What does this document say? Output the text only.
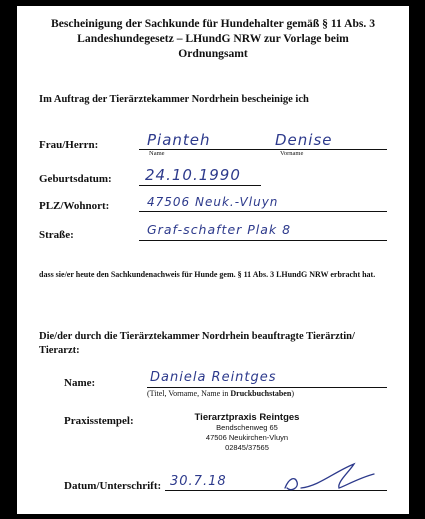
Bescheinigung der Sachkunde für Hundehalter gemäß § 11 Abs. 3
Landeshundegesetz – LHundG NRW zur Vorlage beim
Ordnungsamt
Im Auftrag der Tierärztekammer Nordrhein bescheinige ich
Frau/Herrn:	Pianteh	Denise
Name	Vorname
Geburtsdatum: 24.10.1990
PLZ/Wohnort:	47506 Neuk.-Vluyn
Straße:	Graf-schafter Plak 8
dass sie/er heute den Sachkundenachweis für Hunde gem. § 11 Abs. 3 LHundG NRW erbracht hat.
Die/der durch die Tierärztekammer Nordrhein beauftragte Tierärztin/ Tierarzt:
Name:	Daniela Reintges
(Titel, Vorname, Name in Druckbuchstaben)
Praxisstempel:	Tierarztpraxis Reintges
Bendschenweg 65
47506 Neukirchen-Vluyn
02845/37565
Datum/Unterschrift: 30.7.18
